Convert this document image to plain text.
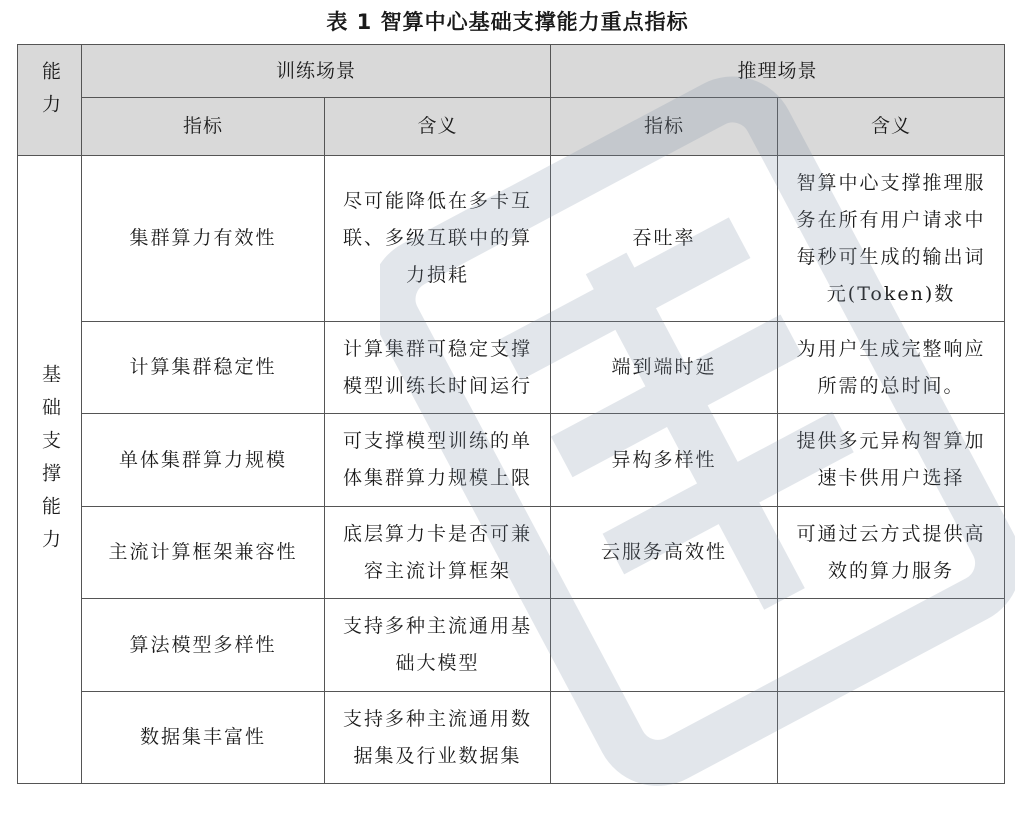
表 1 智算中心基础支撑能力重点指标
能力	训练场景		推理场景	
	指标	含义	指标	含义
基础支撑能力	集群算力有效性	尽可能降低在多卡互联、多级互联中的算力损耗	吞吐率	智算中心支撑推理服务在所有用户请求中每秒可生成的输出词元(Token)数
	计算集群稳定性	计算集群可稳定支撑模型训练长时间运行	端到端时延	为用户生成完整响应所需的总时间。
	单体集群算力规模	可支撑模型训练的单体集群算力规模上限	异构多样性	提供多元异构智算加速卡供用户选择
	主流计算框架兼容性	底层算力卡是否可兼容主流计算框架	云服务高效性	可通过云方式提供高效的算力服务
	算法模型多样性	支持多种主流通用基础大模型		
	数据集丰富性	支持多种主流通用数据集及行业数据集		
